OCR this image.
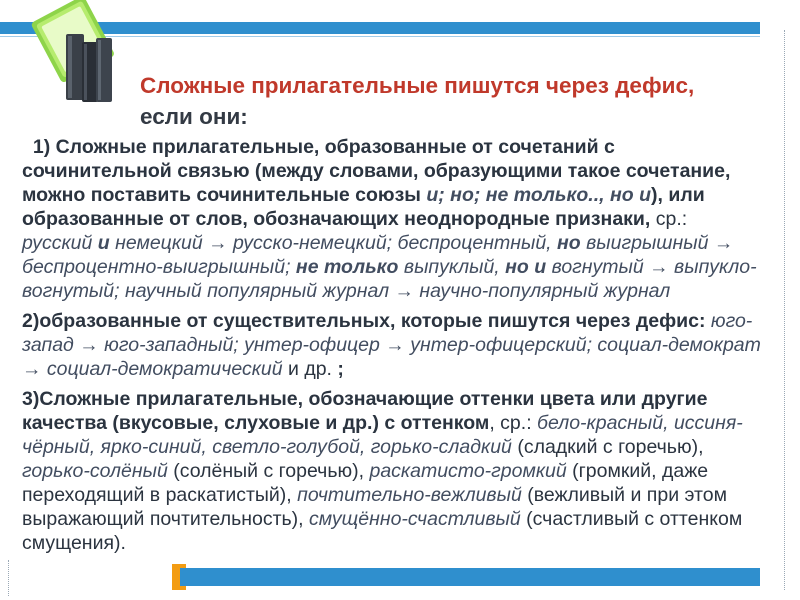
Сложные прилагательные пишутся через дефис,
если они:

1) Сложные прилагательные, образованные от сочетаний с сочинительной связью (между словами, образующими такое сочетание, можно поставить сочинительные союзы и; но; не только.., но и), или образованные от слов, обозначающих неоднородные признаки, ср.: русский и немецкий → русско-немецкий; беспроцентный, но выигрышный → беспроцентно-выигрышный; не только выпуклый, но и вогнутый → выпукло-вогнутый; научный популярный журнал → научно-популярный журнал

2)образованные от существительных, которые пишутся через дефис: юго-запад → юго-западный; унтер-офицер → унтер-офицерский; социал-демократ → социал-демократический и др. ;

3)Сложные прилагательные, обозначающие оттенки цвета или другие качества (вкусовые, слуховые и др.) с оттенком, ср.: бело-красный, иссиня-чёрный, ярко-синий, светло-голубой, горько-сладкий (сладкий с горечью), горько-солёный (солёный с горечью), раскатисто-громкий (громкий, даже переходящий в раскатистый), почтительно-вежливый (вежливый и при этом выражающий почтительность), смущённо-счастливый (счастливый с оттенком смущения).
